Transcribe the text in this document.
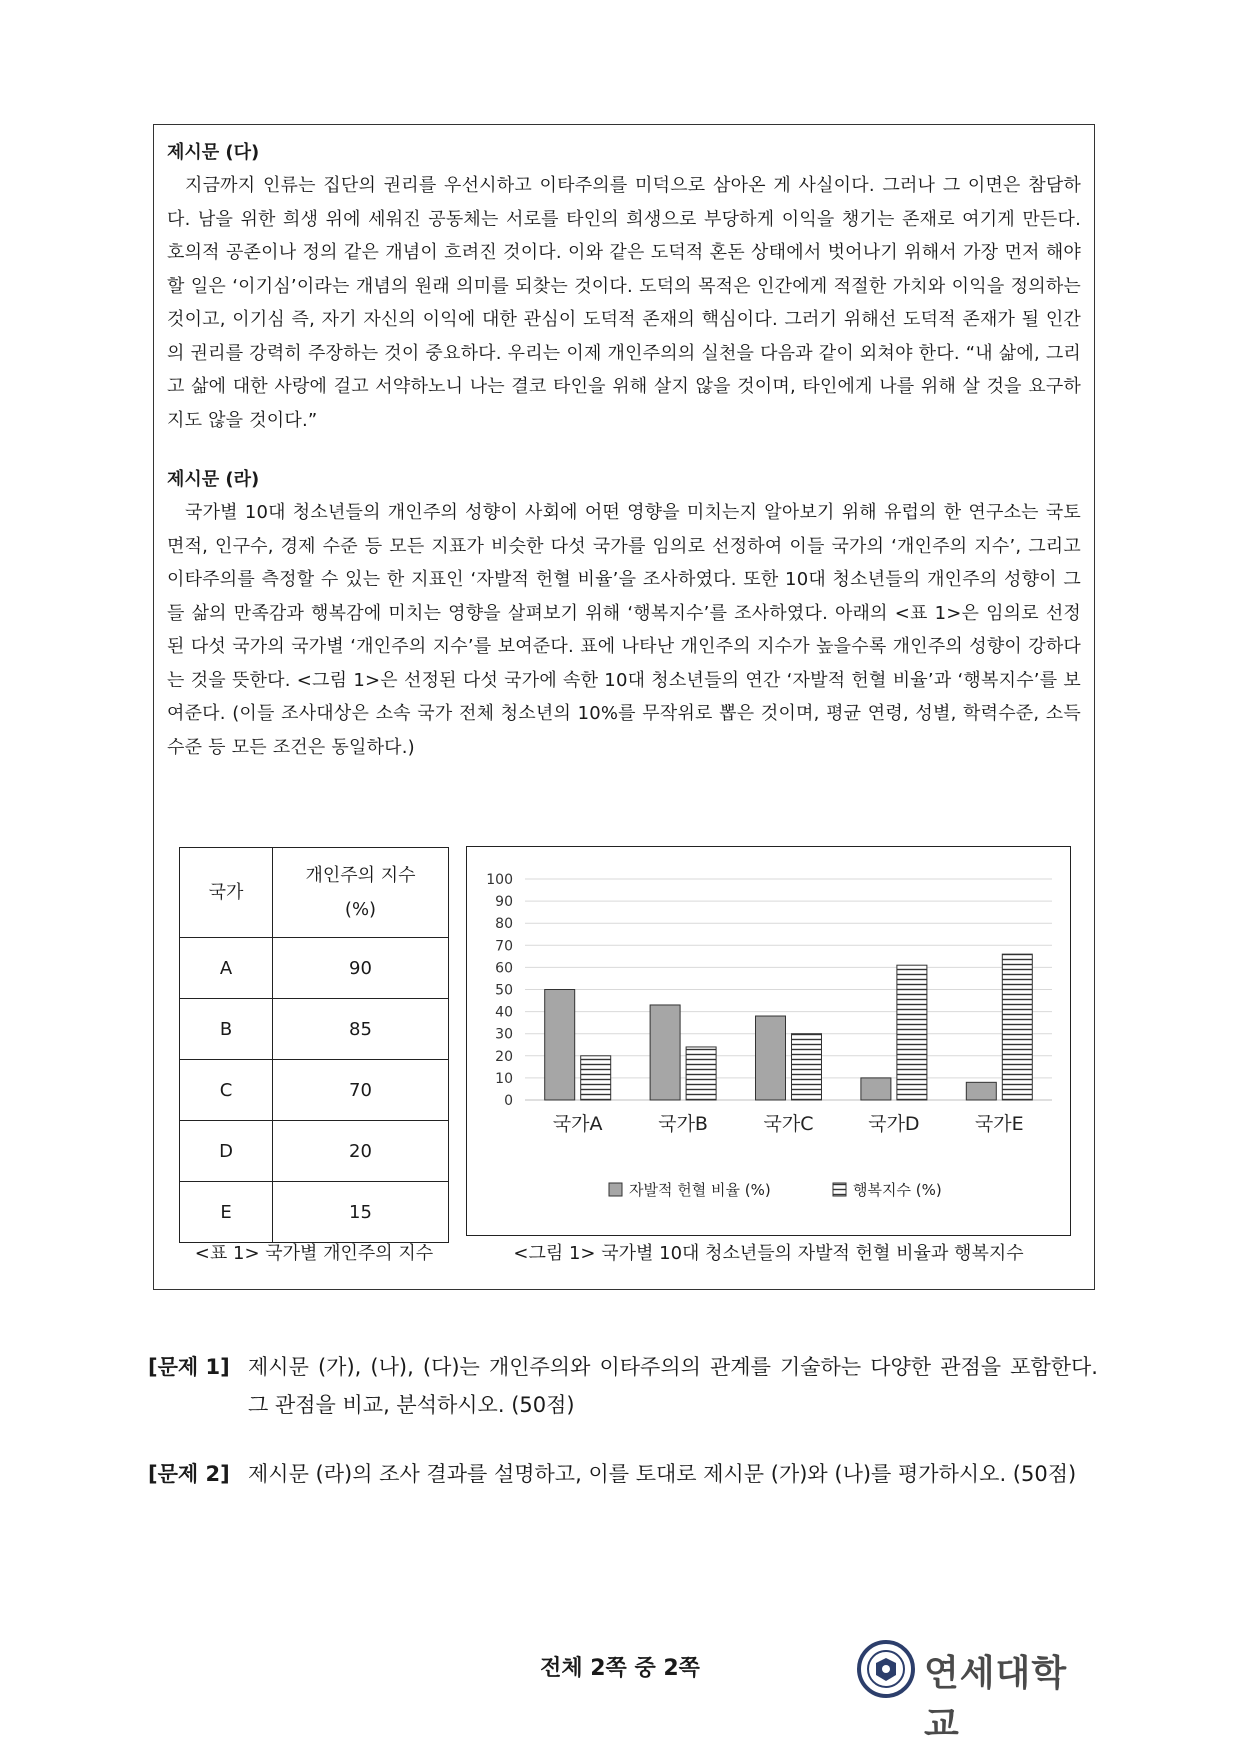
제시문 (다)

지금까지 인류는 집단의 권리를 우선시하고 이타주의를 미덕으로 삼아온 게 사실이다. 그러나 그 이면은 참담하다. 남을 위한 희생 위에 세워진 공동체는 서로를 타인의 희생으로 부당하게 이익을 챙기는 존재로 여기게 만든다. 호의적 공존이나 정의 같은 개념이 흐려진 것이다. 이와 같은 도덕적 혼돈 상태에서 벗어나기 위해서 가장 먼저 해야 할 일은 ‘이기심’이라는 개념의 원래 의미를 되찾는 것이다. 도덕의 목적은 인간에게 적절한 가치와 이익을 정의하는 것이고, 이기심 즉, 자기 자신의 이익에 대한 관심이 도덕적 존재의 핵심이다. 그러기 위해선 도덕적 존재가 될 인간의 권리를 강력히 주장하는 것이 중요하다. 우리는 이제 개인주의의 실천을 다음과 같이 외쳐야 한다. “내 삶에, 그리고 삶에 대한 사랑에 걸고 서약하노니 나는 결코 타인을 위해 살지 않을 것이며, 타인에게 나를 위해 살 것을 요구하지도 않을 것이다.”

제시문 (라)

국가별 10대 청소년들의 개인주의 성향이 사회에 어떤 영향을 미치는지 알아보기 위해 유럽의 한 연구소는 국토 면적, 인구수, 경제 수준 등 모든 지표가 비슷한 다섯 국가를 임의로 선정하여 이들 국가의 ‘개인주의 지수’, 그리고 이타주의를 측정할 수 있는 한 지표인 ‘자발적 헌혈 비율’을 조사하였다. 또한 10대 청소년들의 개인주의 성향이 그들 삶의 만족감과 행복감에 미치는 영향을 살펴보기 위해 ‘행복지수’를 조사하였다. 아래의 <표 1>은 임의로 선정된 다섯 국가의 국가별 ‘개인주의 지수’를 보여준다. 표에 나타난 개인주의 지수가 높을수록 개인주의 성향이 강하다는 것을 뜻한다. <그림 1>은 선정된 다섯 국가에 속한 10대 청소년들의 연간 ‘자발적 헌혈 비율’과 ‘행복지수’를 보여준다. (이들 조사대상은 소속 국가 전체 청소년의 10%를 무작위로 뽑은 것이며, 평균 연령, 성별, 학력수준, 소득수준 등 모든 조건은 동일하다.)

국가	개인주의 지수
(%)
A	90
B	85
C	70
D	20
E	15
0
10
20
30
40
50
60
70
80
90
100
국가A	국가B	국가C	국가D	국가E
자발적 헌혈 비율 (%)	행복지수 (%)
<표 1> 국가별 개인주의 지수	<그림 1> 국가별 10대 청소년들의 자발적 헌혈 비율과 행복지수
[문제 1] 제시문 (가), (나), (다)는 개인주의와 이타주의의 관계를 기술하는 다양한 관점을 포함한다. 그 관점을 비교, 분석하시오. (50점)
[문제 2] 제시문 (라)의 조사 결과를 설명하고, 이를 토대로 제시문 (가)와 (나)를 평가하시오. (50점)
전체 2쪽 중 2쪽	연세대학교
